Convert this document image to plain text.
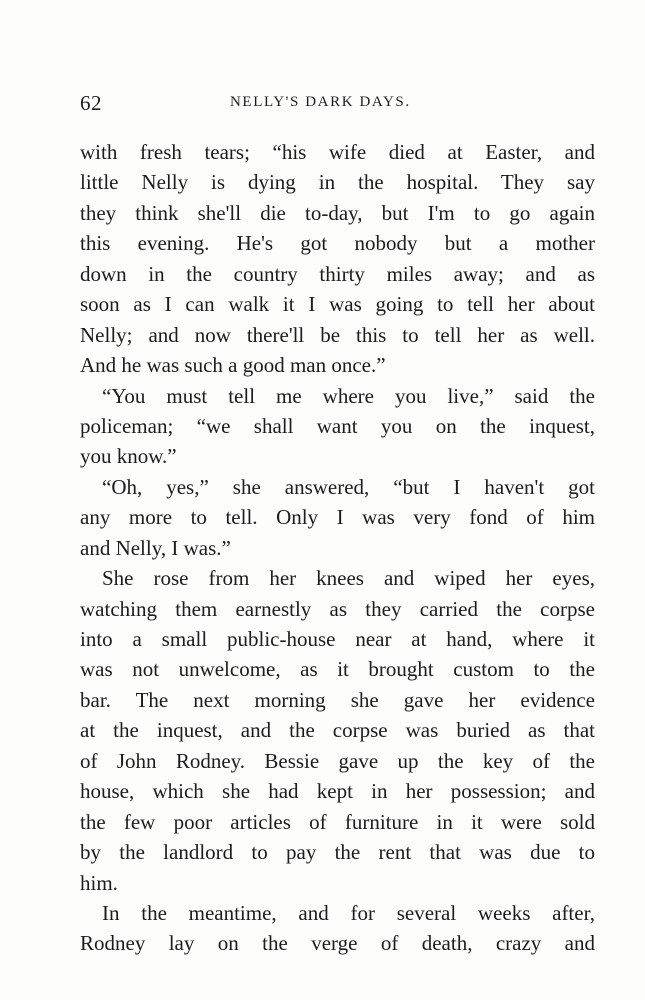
62	NELLY'S DARK DAYS.
with fresh tears; “his wife died at Easter, and
little Nelly is dying in the hospital. They say
they think she'll die to-day, but I'm to go again
this evening. He's got nobody but a mother
down in the country thirty miles away; and as
soon as I can walk it I was going to tell her about
Nelly; and now there'll be this to tell her as well.
And he was such a good man once.”
“You must tell me where you live,” said the
policeman; “we shall want you on the inquest,
you know.”
“Oh, yes,” she answered, “but I haven't got
any more to tell. Only I was very fond of him
and Nelly, I was.”
She rose from her knees and wiped her eyes,
watching them earnestly as they carried the corpse
into a small public-house near at hand, where it
was not unwelcome, as it brought custom to the
bar. The next morning she gave her evidence
at the inquest, and the corpse was buried as that
of John Rodney. Bessie gave up the key of the
house, which she had kept in her possession; and
the few poor articles of furniture in it were sold
by the landlord to pay the rent that was due to
him.
In the meantime, and for several weeks after,
Rodney lay on the verge of death, crazy and
